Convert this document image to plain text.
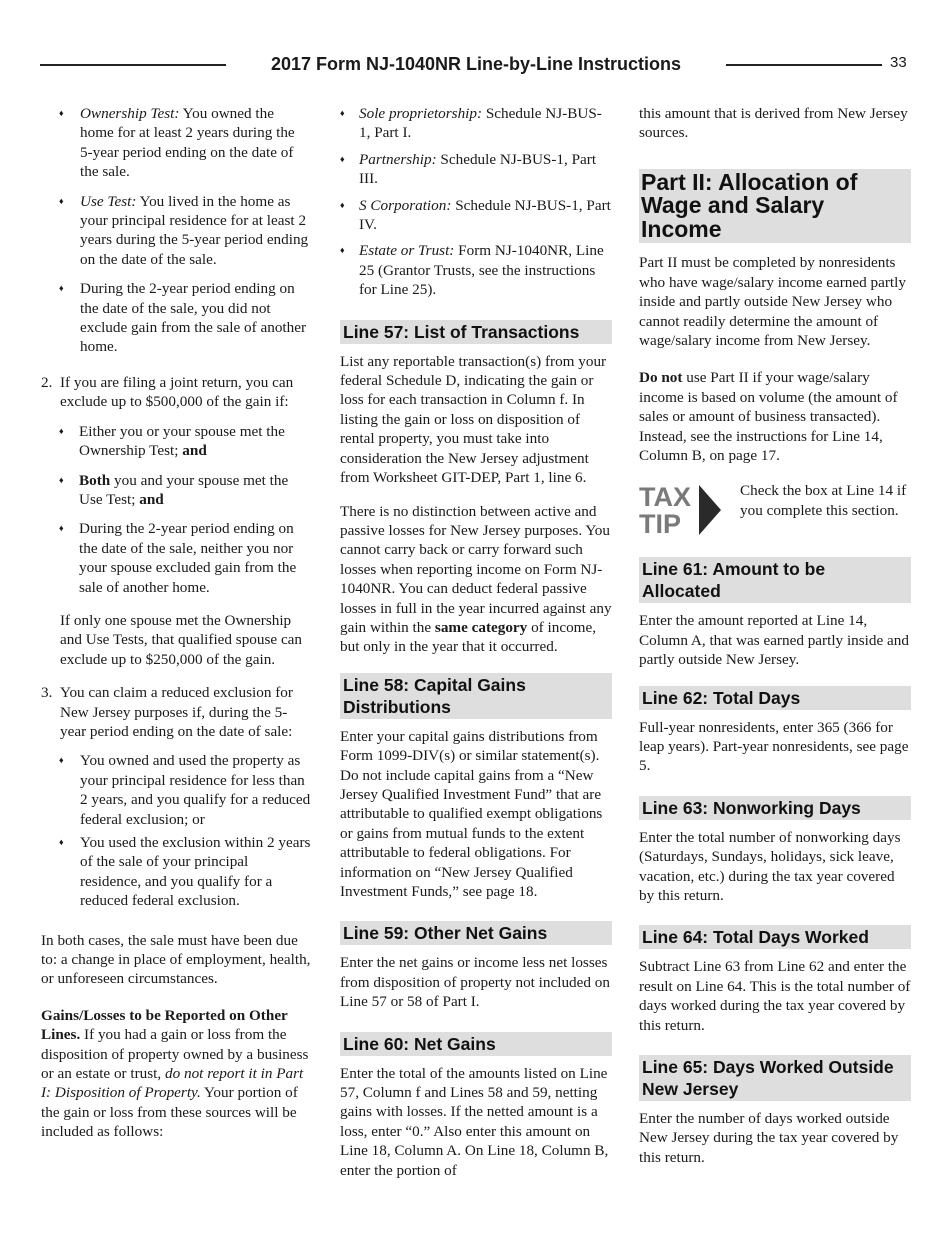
2017 Form NJ-1040NR Line-by-Line Instructions	33
♦ Ownership Test: You owned the home for at least 2 years during the 5-year period ending on the date of the sale.
♦ Use Test: You lived in the home as your principal residence for at least 2 years during the 5-year period ending on the date of the sale.
♦ During the 2-year period ending on the date of the sale, you did not exclude gain from the sale of another home.
2. If you are filing a joint return, you can exclude up to $500,000 of the gain if:
♦ Either you or your spouse met the Ownership Test; and
♦ Both you and your spouse met the Use Test; and
♦ During the 2-year period ending on the date of the sale, neither you nor your spouse excluded gain from the sale of another home.

If only one spouse met the Ownership and Use Tests, that qualified spouse can exclude up to $250,000 of the gain.

3. You can claim a reduced exclusion for New Jersey purposes if, during the 5-year period ending on the date of sale:
♦ You owned and used the property as your principal residence for less than 2 years, and you qualify for a reduced federal exclusion; or
♦ You used the exclusion within 2 years of the sale of your principal residence, and you qualify for a reduced federal exclusion.

In both cases, the sale must have been due to: a change in place of employment, health, or unforeseen circumstances.

Gains/Losses to be Reported on Other Lines. If you had a gain or loss from the disposition of property owned by a business or an estate or trust, do not report it in Part I: Disposition of Property. Your portion of the gain or loss from these sources will be included as follows:

♦ Sole proprietorship: Schedule NJ-BUS-1, Part I.
♦ Partnership: Schedule NJ-BUS-1, Part III.
♦ S Corporation: Schedule NJ-BUS-1, Part IV.
♦ Estate or Trust: Form NJ-1040NR, Line 25 (Grantor Trusts, see the instructions for Line 25).
Line 57: List of Transactions

List any reportable transaction(s) from your federal Schedule D, indicating the gain or loss for each transaction in Column f. In listing the gain or loss on disposition of rental property, you must take into consideration the New Jersey adjustment from Worksheet GIT-DEP, Part 1, line 6.

There is no distinction between active and passive losses for New Jersey purposes. You cannot carry back or carry forward such losses when reporting income on Form NJ-1040NR. You can deduct federal passive losses in full in the year incurred against any gain within the same category of income, but only in the year that it occurred.

Line 58: Capital Gains Distributions

Enter your capital gains distributions from Form 1099-DIV(s) or similar statement(s). Do not include capital gains from a “New Jersey Qualified Investment Fund” that are attributable to qualified exempt obligations or gains from mutual funds to the extent attributable to federal obligations. For information on “New Jersey Qualified Investment Funds,” see page 18.

Line 59: Other Net Gains

Enter the net gains or income less net losses from disposition of property not included on Line 57 or 58 of Part I.

Line 60: Net Gains

Enter the total of the amounts listed on Line 57, Column f and Lines 58 and 59, netting gains with losses. If the netted amount is a loss, enter “0.” Also enter this amount on Line 18, Column A. On Line 18, Column B, enter the portion of

this amount that is derived from New Jersey sources.

Part II: Allocation of Wage and Salary Income

Part II must be completed by nonresidents who have wage/salary income earned partly inside and partly outside New Jersey who cannot readily determine the amount of wage/salary income from New Jersey.

Do not use Part II if your wage/salary income is based on volume (the amount of sales or amount of business transacted). Instead, see the instructions for Line 14, Column B, on page 17.

TAX
TIP
Check the box at Line 14 if you complete this section.
Line 61: Amount to be Allocated

Enter the amount reported at Line 14, Column A, that was earned partly inside and partly outside New Jersey.

Line 62: Total Days

Full-year nonresidents, enter 365 (366 for leap years). Part-year nonresidents, see page 5.

Line 63: Nonworking Days

Enter the total number of nonworking days (Saturdays, Sundays, holidays, sick leave, vacation, etc.) during the tax year covered by this return.

Line 64: Total Days Worked

Subtract Line 63 from Line 62 and enter the result on Line 64. This is the total number of days worked during the tax year covered by this return.

Line 65: Days Worked Outside New Jersey

Enter the number of days worked outside New Jersey during the tax year covered by this return.
